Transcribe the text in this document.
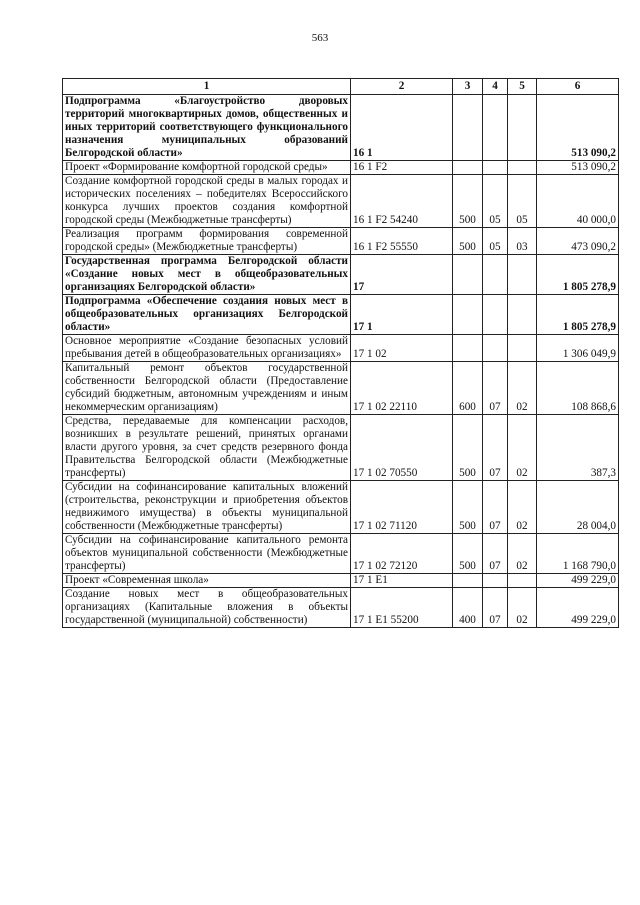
563
1	2	3	4	5	6
Подпрограмма «Благоустройство дворовых территорий многоквартирных домов, общественных и иных территорий соответствующего функционального назначения муниципальных образований Белгородской области»	16 1				513 090,2
Проект «Формирование комфортной городской среды»	16 1 F2				513 090,2
Создание комфортной городской среды в малых городах и исторических поселениях – победителях Всероссийского конкурса лучших проектов создания комфортной городской среды (Межбюджетные трансферты)	16 1 F2 54240	500	05	05	40 000,0
Реализация программ формирования современной городской среды» (Межбюджетные трансферты)	16 1 F2 55550	500	05	03	473 090,2
Государственная программа Белгородской области «Создание новых мест в общеобразовательных организациях Белгородской области»	17				1 805 278,9
Подпрограмма «Обеспечение создания новых мест в общеобразовательных организациях Белгородской области»	17 1				1 805 278,9
Основное мероприятие «Создание безопасных условий пребывания детей в общеобразовательных организациях»	17 1 02				1 306 049,9
Капитальный ремонт объектов государственной собственности Белгородской области (Предоставление субсидий бюджетным, автономным учреждениям и иным некоммерческим организациям)	17 1 02 22110	600	07	02	108 868,6
Средства, передаваемые для компенсации расходов, возникших в результате решений, принятых органами власти другого уровня, за счет средств резервного фонда Правительства Белгородской области (Межбюджетные трансферты)	17 1 02 70550	500	07	02	387,3
Субсидии на софинансирование капитальных вложений (строительства, реконструкции и приобретения объектов недвижимого имущества) в объекты муниципальной собственности (Межбюджетные трансферты)	17 1 02 71120	500	07	02	28 004,0
Субсидии на софинансирование капитального ремонта объектов муниципальной собственности (Межбюджетные трансферты)	17 1 02 72120	500	07	02	1 168 790,0
Проект «Современная школа»	17 1 E1				499 229,0
Создание новых мест в общеобразовательных организациях (Капитальные вложения в объекты государственной (муниципальной) собственности)	17 1 E1 55200	400	07	02	499 229,0
